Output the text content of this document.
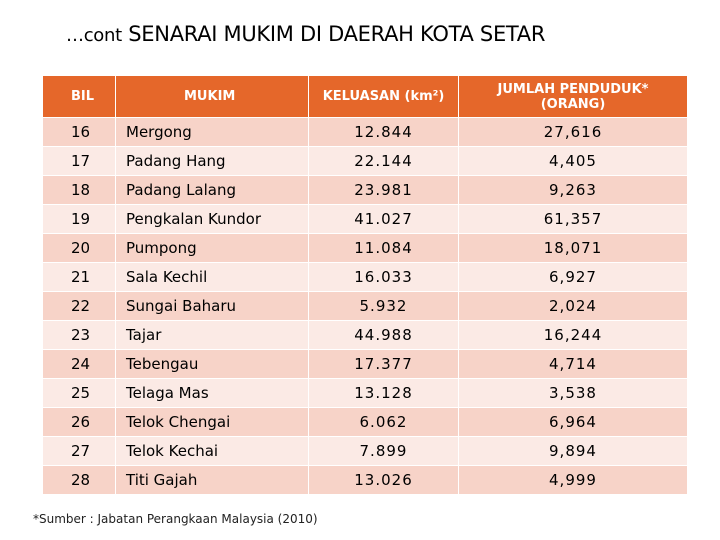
…cont SENARAI MUKIM DI DAERAH KOTA SETAR
BIL	MUKIM	KELUASAN (km²)	JUMLAH PENDUDUK*
(ORANG)
16	Mergong	12.844	27,616
17	Padang Hang	22.144	4,405
18	Padang Lalang	23.981	9,263
19	Pengkalan Kundor	41.027	61,357
20	Pumpong	11.084	18,071
21	Sala Kechil	16.033	6,927
22	Sungai Baharu	5.932	2,024
23	Tajar	44.988	16,244
24	Tebengau	17.377	4,714
25	Telaga Mas	13.128	3,538
26	Telok Chengai	6.062	6,964
27	Telok Kechai	7.899	9,894
28	Titi Gajah	13.026	4,999
*Sumber : Jabatan Perangkaan Malaysia (2010)
